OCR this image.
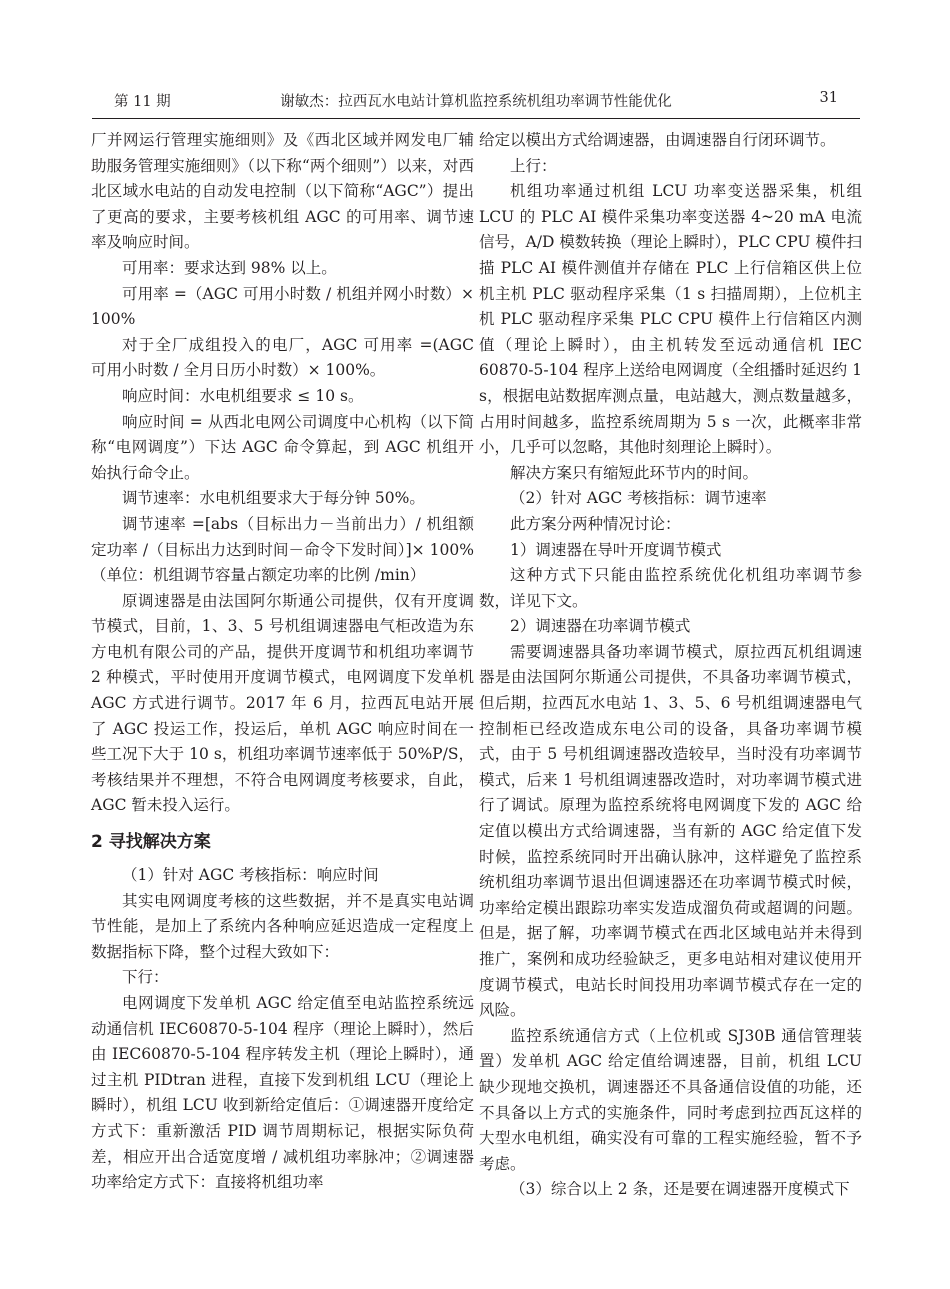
第 11 期	谢敏杰：拉西瓦水电站计算机监控系统机组功率调节性能优化	31

厂并网运行管理实施细则》及《西北区域并网发电厂辅助服务管理实施细则》（以下称“两个细则”）以来，对西北区域水电站的自动发电控制（以下简称“AGC”）提出了更高的要求，主要考核机组 AGC 的可用率、调节速率及响应时间。

可用率：要求达到 98% 以上。

可用率 =（AGC 可用小时数 / 机组并网小时数）× 100%

对于全厂成组投入的电厂，AGC 可用率 =(AGC 可用小时数 / 全月日历小时数）× 100%。

响应时间：水电机组要求 ≤ 10 s。

响应时间 = 从西北电网公司调度中心机构（以下简称“电网调度”）下达 AGC 命令算起，到 AGC 机组开始执行命令止。

调节速率：水电机组要求大于每分钟 50%。

调节速率 =[abs（目标出力－当前出力）/ 机组额定功率 /（目标出力达到时间－命令下发时间）]× 100%（单位：机组调节容量占额定功率的比例 /min）

原调速器是由法国阿尔斯通公司提供，仅有开度调节模式，目前，1、3、5 号机组调速器电气柜改造为东方电机有限公司的产品，提供开度调节和机组功率调节 2 种模式，平时使用开度调节模式，电网调度下发单机 AGC 方式进行调节。2017 年 6 月，拉西瓦电站开展了 AGC 投运工作，投运后，单机 AGC 响应时间在一些工况下大于 10 s，机组功率调节速率低于 50%P/S，考核结果并不理想，不符合电网调度考核要求，自此，AGC 暂未投入运行。

2 寻找解决方案

（1）针对 AGC 考核指标：响应时间

其实电网调度考核的这些数据，并不是真实电站调节性能，是加上了系统内各种响应延迟造成一定程度上数据指标下降，整个过程大致如下：

下行：

电网调度下发单机 AGC 给定值至电站监控系统远动通信机 IEC60870-5-104 程序（理论上瞬时），然后由 IEC60870-5-104 程序转发主机（理论上瞬时），通过主机 PIDtran 进程，直接下发到机组 LCU（理论上瞬时），机组 LCU 收到新给定值后：①调速器开度给定方式下：重新激活 PID 调节周期标记，根据实际负荷差，相应开出合适宽度增 / 减机组功率脉冲；②调速器功率给定方式下：直接将机组功率

给定以模出方式给调速器，由调速器自行闭环调节。

上行：

机组功率通过机组 LCU 功率变送器采集，机组 LCU 的 PLC AI 模件采集功率变送器 4~20 mA 电流信号，A/D 模数转换（理论上瞬时），PLC CPU 模件扫描 PLC AI 模件测值并存储在 PLC 上行信箱区供上位机主机 PLC 驱动程序采集（1 s 扫描周期），上位机主机 PLC 驱动程序采集 PLC CPU 模件上行信箱区内测值（理论上瞬时），由主机转发至远动通信机 IEC 60870-5-104 程序上送给电网调度（全组播时延迟约 1 s，根据电站数据库测点量，电站越大，测点数量越多，占用时间越多，监控系统周期为 5 s 一次，此概率非常小，几乎可以忽略，其他时刻理论上瞬时）。

解决方案只有缩短此环节内的时间。

（2）针对 AGC 考核指标：调节速率

此方案分两种情况讨论：

1）调速器在导叶开度调节模式

这种方式下只能由监控系统优化机组功率调节参数，详见下文。

2）调速器在功率调节模式

需要调速器具备功率调节模式，原拉西瓦机组调速器是由法国阿尔斯通公司提供，不具备功率调节模式，但后期，拉西瓦水电站 1、3、5、6 号机组调速器电气控制柜已经改造成东电公司的设备，具备功率调节模式，由于 5 号机组调速器改造较早，当时没有功率调节模式，后来 1 号机组调速器改造时，对功率调节模式进行了调试。原理为监控系统将电网调度下发的 AGC 给定值以模出方式给调速器，当有新的 AGC 给定值下发时候，监控系统同时开出确认脉冲，这样避免了监控系统机组功率调节退出但调速器还在功率调节模式时候，功率给定模出跟踪功率实发造成溜负荷或超调的问题。但是，据了解，功率调节模式在西北区域电站并未得到推广，案例和成功经验缺乏，更多电站相对建议使用开度调节模式，电站长时间投用功率调节模式存在一定的风险。

监控系统通信方式（上位机或 SJ30B 通信管理装置）发单机 AGC 给定值给调速器，目前，机组 LCU 缺少现地交换机，调速器还不具备通信设值的功能，还不具备以上方式的实施条件，同时考虑到拉西瓦这样的大型水电机组，确实没有可靠的工程实施经验，暂不予考虑。

（3）综合以上 2 条，还是要在调速器开度模式下
